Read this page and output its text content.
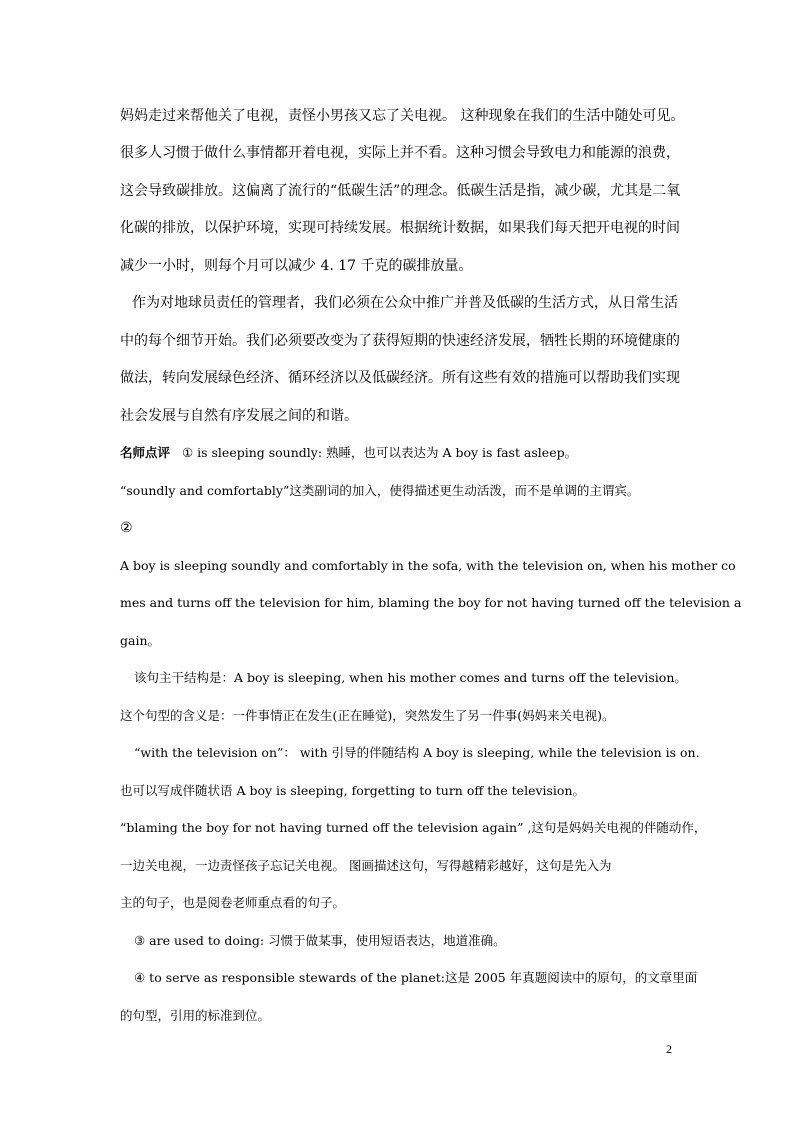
妈妈走过来帮他关了电视，责怪小男孩又忘了关电视。 这种现象在我们的生活中随处可见。
很多人习惯于做什么事情都开着电视，实际上并不看。这种习惯会导致电力和能源的浪费，
这会导致碳排放。这偏离了流行的“低碳生活”的理念。低碳生活是指，减少碳，尤其是二氧
化碳的排放，以保护环境，实现可持续发展。根据统计数据，如果我们每天把开电视的时间
减少一小时，则每个月可以减少 4. 17 千克的碳排放量。
作为对地球员责任的管理者，我们必须在公众中推广并普及低碳的生活方式，从日常生活
中的每个细节开始。我们必须要改变为了获得短期的快速经济发展，牺牲长期的环境健康的
做法，转向发展绿色经济、循环经济以及低碳经济。所有这些有效的措施可以帮助我们实现
社会发展与自然有序发展之间的和谐。
名师点评 ① is sleeping soundly: 熟睡，也可以表达为 A boy is fast asleep。
“soundly and comfortably”这类副词的加入，使得描述更生动活泼，而不是单调的主谓宾。
②
A boy is sleeping soundly and comfortably in the sofa, with the television on, when his mother co
mes and turns off the television for him, blaming the boy for not having turned off the television a
gain。
该句主干结构是：A boy is sleeping, when his mother comes and turns off the television。
这个句型的含义是：一件事情正在发生(正在睡觉)，突然发生了另一件事(妈妈来关电视)。
“with the television on”： with 引导的伴随结构 A boy is sleeping, while the television is on.
也可以写成伴随状语 A boy is sleeping, forgetting to turn off the television。
“blaming the boy for not having turned off the television again” ,这句是妈妈关电视的伴随动作，
一边关电视，一边责怪孩子忘记关电视。 图画描述这句，写得越精彩越好，这句是先入为
主的句子，也是阅卷老师重点看的句子。
③ are used to doing: 习惯于做某事，使用短语表达，地道准确。
④ to serve as responsible stewards of the planet:这是 2005 年真题阅读中的原句，的文章里面
的句型，引用的标准到位。
2
